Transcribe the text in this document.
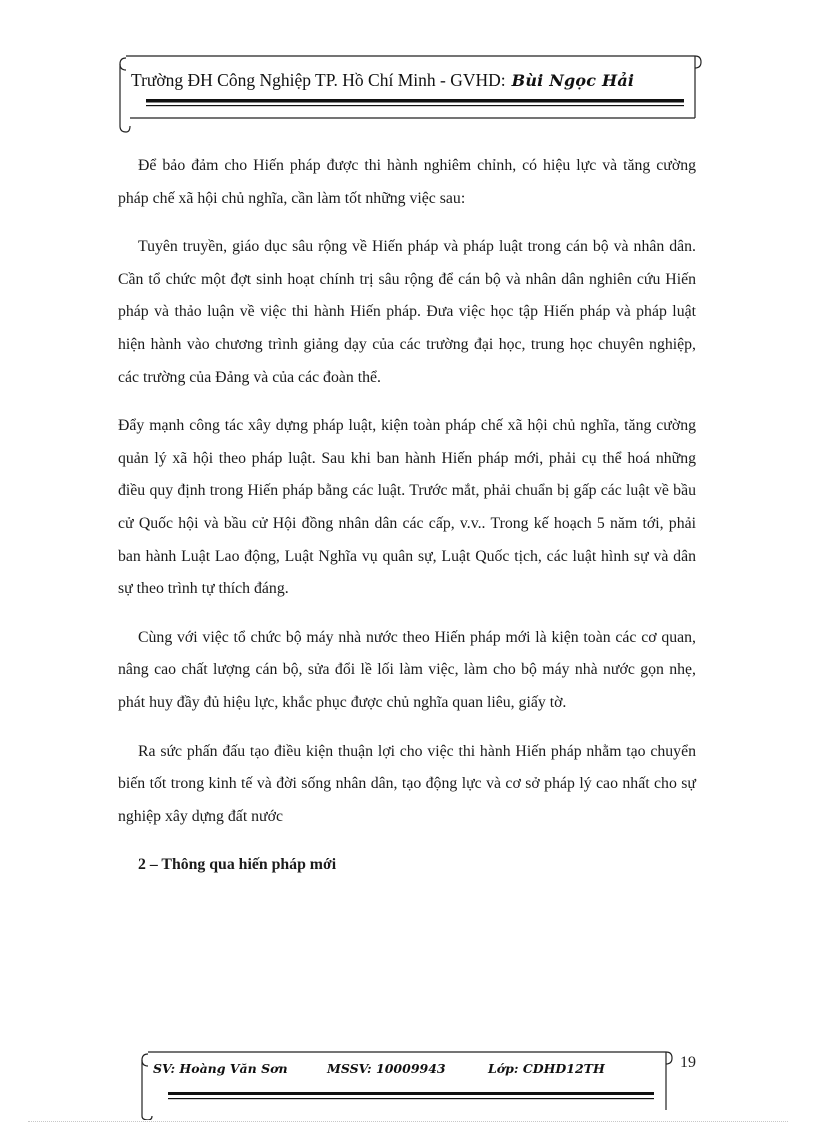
Trường ĐH Công Nghiệp TP. Hồ Chí Minh - GVHD: Bùi Ngọc Hải

Để bảo đảm cho Hiến pháp được thi hành nghiêm chỉnh, có hiệu lực và tăng cường pháp chế xã hội chủ nghĩa, cần làm tốt những việc sau:

Tuyên truyền, giáo dục sâu rộng về Hiến pháp và pháp luật trong cán bộ và nhân dân. Cần tổ chức một đợt sinh hoạt chính trị sâu rộng để cán bộ và nhân dân nghiên cứu Hiến pháp và thảo luận về việc thi hành Hiến pháp. Đưa việc học tập Hiến pháp và pháp luật hiện hành vào chương trình giảng dạy của các trường đại học, trung học chuyên nghiệp, các trường của Đảng và của các đoàn thể.

Đẩy mạnh công tác xây dựng pháp luật, kiện toàn pháp chế xã hội chủ nghĩa, tăng cường quản lý xã hội theo pháp luật. Sau khi ban hành Hiến pháp mới, phải cụ thể hoá những điều quy định trong Hiến pháp bằng các luật. Trước mắt, phải chuẩn bị gấp các luật về bầu cử Quốc hội và bầu cử Hội đồng nhân dân các cấp, v.v.. Trong kế hoạch 5 năm tới, phải ban hành Luật Lao động, Luật Nghĩa vụ quân sự, Luật Quốc tịch, các luật hình sự và dân sự theo trình tự thích đáng.

Cùng với việc tổ chức bộ máy nhà nước theo Hiến pháp mới là kiện toàn các cơ quan, nâng cao chất lượng cán bộ, sửa đổi lề lối làm việc, làm cho bộ máy nhà nước gọn nhẹ, phát huy đầy đủ hiệu lực, khắc phục được chủ nghĩa quan liêu, giấy tờ.

Ra sức phấn đấu tạo điều kiện thuận lợi cho việc thi hành Hiến pháp nhằm tạo chuyển biến tốt trong kinh tế và đời sống nhân dân, tạo động lực và cơ sở pháp lý cao nhất cho sự nghiệp xây dựng đất nước

2 – Thông qua hiến pháp mới

SV: Hoàng Văn Sơn	MSSV: 10009943	Lớp: CDHD12TH	19
